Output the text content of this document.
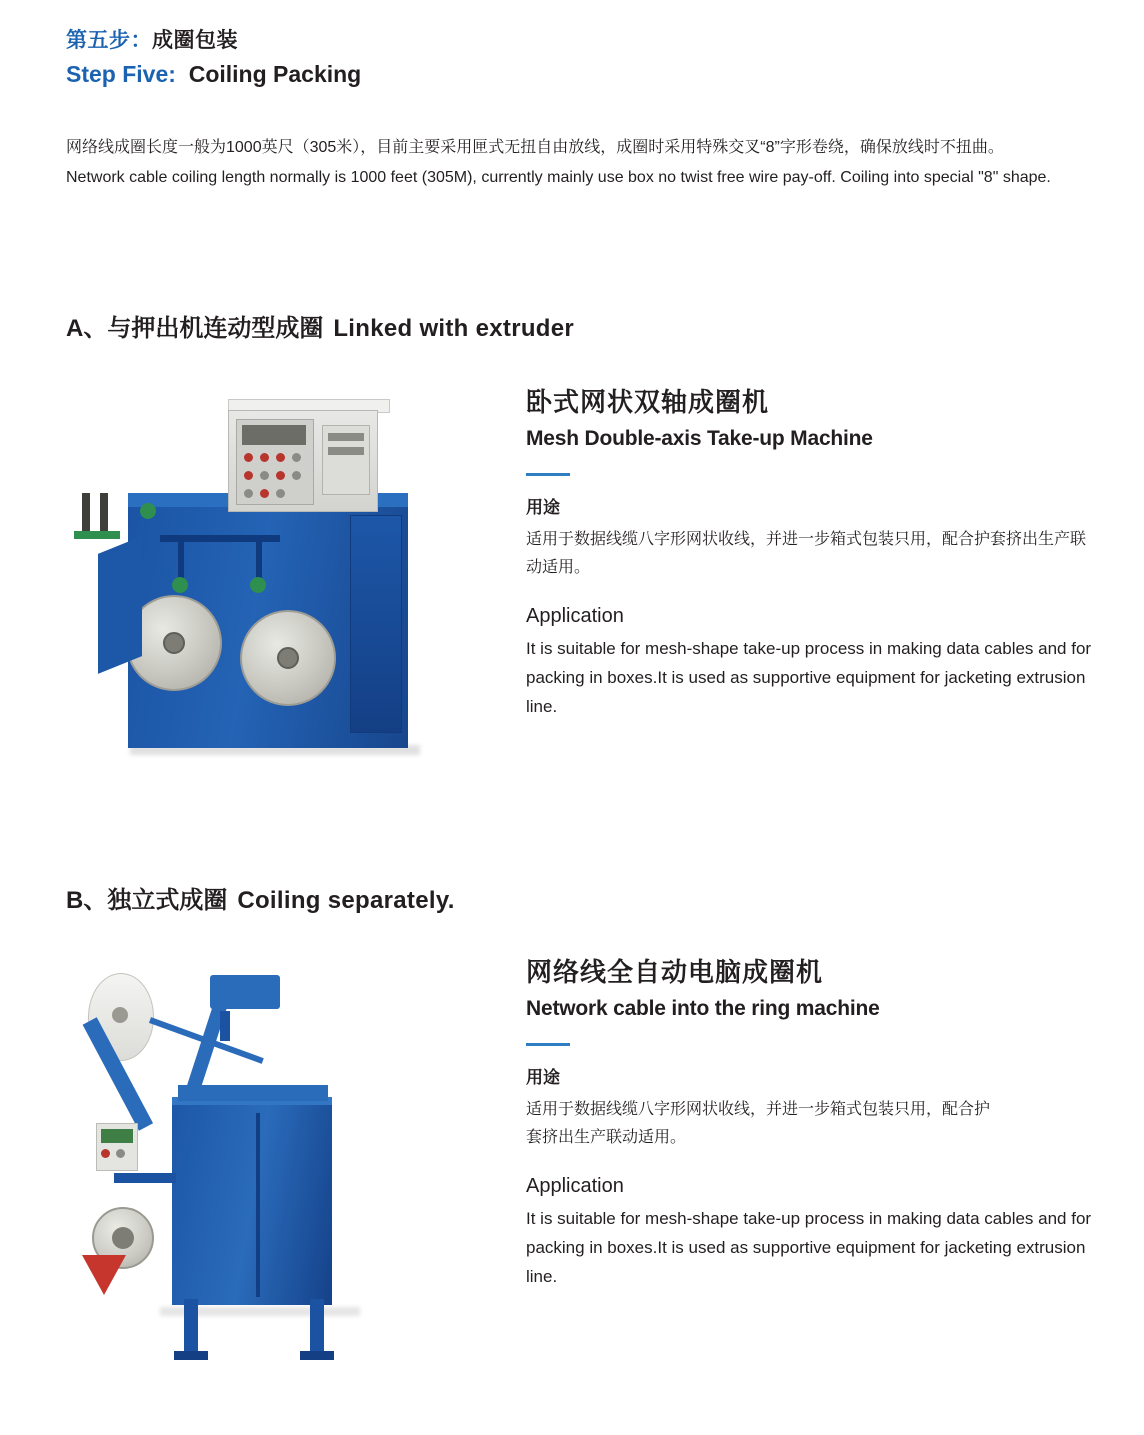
第五步：成圈包装
Step Five: Coiling Packing

网络线成圈长度一般为1000英尺（305米），目前主要采用匣式无扭自由放线，成圈时采用特殊交叉“8”字形卷绕，确保放线时不扭曲。

Network cable coiling length normally is 1000 feet (305M), currently mainly use box no twist free wire pay-off. Coiling into special "8" shape.

A、与押出机连动型成圈 Linked with extruder

卧式网状双轴成圈机

Mesh Double-axis Take-up Machine

用途

适用于数据线缆八字形网状收线，并进一步箱式包装只用，配合护套挤出生产联动适用。

Application

It is suitable for mesh-shape take-up process in making data cables and for packing in boxes.It is used as supportive equipment for jacketing extrusion line.

B、独立式成圈 Coiling separately.

网络线全自动电脑成圈机

Network cable into the ring machine

用途

适用于数据线缆八字形网状收线，并进一步箱式包装只用，配合护套挤出生产联动适用。

Application

It is suitable for mesh-shape take-up process in making data cables and for packing in boxes.It is used as supportive equipment for jacketing extrusion line.
